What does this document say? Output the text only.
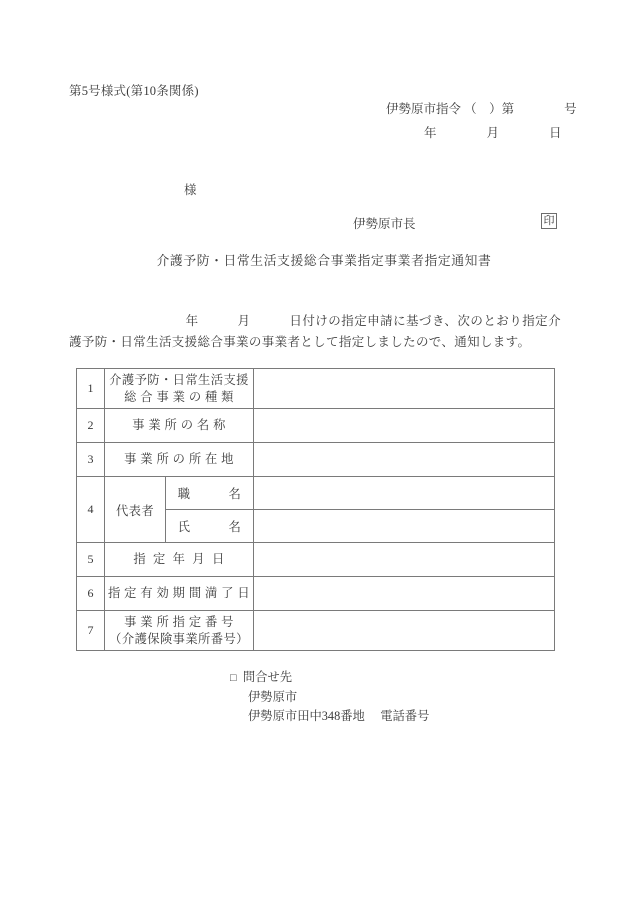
第5号様式(第10条関係)
伊勢原市指令 （　）第　　　　号
年　　　　月　　　　日
様
伊勢原市長	印
介護予防・日常生活支援総合事業指定事業者指定通知書
　　　　　　　　　年　　　月　　　日付けの指定申請に基づき、次のとおり指定介護予防・日常生活支援総合事業の事業者として指定しましたので、通知します。
1	介護予防・日常生活支援
総 合 事 業 の 種 類		

2	事 業 所 の 名 称		

3	事 業 所 の 所 在 地		

4	代表者	職　　　名	
		氏　　　名	
5	指  定  年  月  日		

6	指 定 有 効 期 間 満 了 日		

7	事 業 所 指 定 番 号
（介護保険事業所番号）		

□ 問合せ先
伊勢原市
伊勢原市田中348番地 電話番号
